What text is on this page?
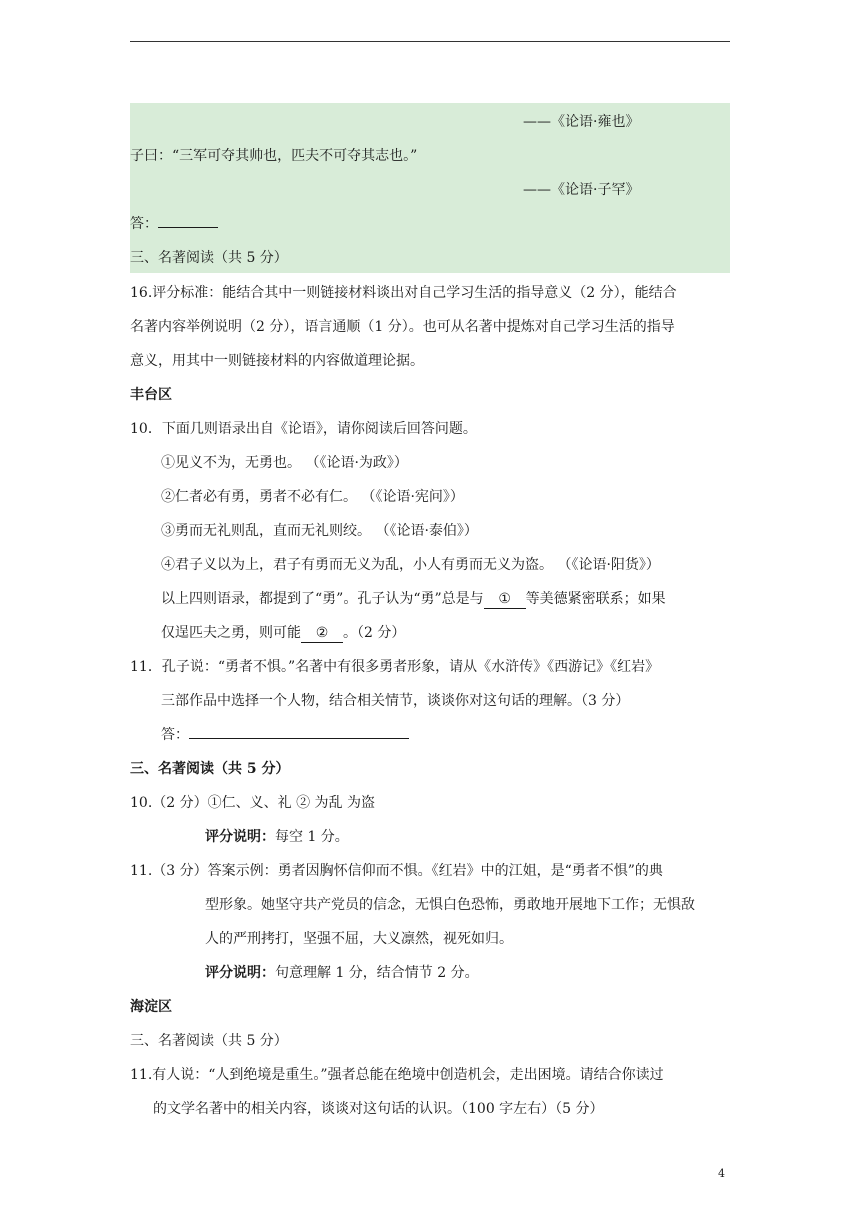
——《论语·雍也》
子曰：“三军可夺其帅也，匹夫不可夺其志也。”
——《论语·子罕》
答：
三、名著阅读（共 5 分）
16.评分标准：能结合其中一则链接材料谈出对自己学习生活的指导意义（2 分），能结合
名著内容举例说明（2 分），语言通顺（1 分）。也可从名著中提炼对自己学习生活的指导
意义，用其中一则链接材料的内容做道理论据。
丰台区
10．下面几则语录出自《论语》，请你阅读后回答问题。
①见义不为，无勇也。 （《论语·为政》）
②仁者必有勇，勇者不必有仁。 （《论语·宪问》）
③勇而无礼则乱，直而无礼则绞。 （《论语·泰伯》）
④君子义以为上，君子有勇而无义为乱，小人有勇而无义为盗。 （《论语·阳货》）
以上四则语录，都提到了“勇”。孔子认为“勇”总是与 ① 等美德紧密联系；如果
仅逞匹夫之勇，则可能 ② 。（2 分）
11．孔子说：“勇者不惧。”名著中有很多勇者形象，请从《水浒传》《西游记》《红岩》
三部作品中选择一个人物，结合相关情节，谈谈你对这句话的理解。（3 分）
答：
三、名著阅读（共 5 分）
10.（2 分）①仁、义、礼 ② 为乱 为盗
评分说明：每空 1 分。
11.（3 分）答案示例：勇者因胸怀信仰而不惧。《红岩》中的江姐，是“勇者不惧”的典
型形象。她坚守共产党员的信念，无惧白色恐怖，勇敢地开展地下工作；无惧敌
人的严刑拷打，坚强不屈，大义凛然，视死如归。
评分说明：句意理解 1 分，结合情节 2 分。
海淀区
三、名著阅读（共 5 分）
11.有人说：“人到绝境是重生。”强者总能在绝境中创造机会，走出困境。请结合你读过
的文学名著中的相关内容，谈谈对这句话的认识。（100 字左右）（5 分）
4
